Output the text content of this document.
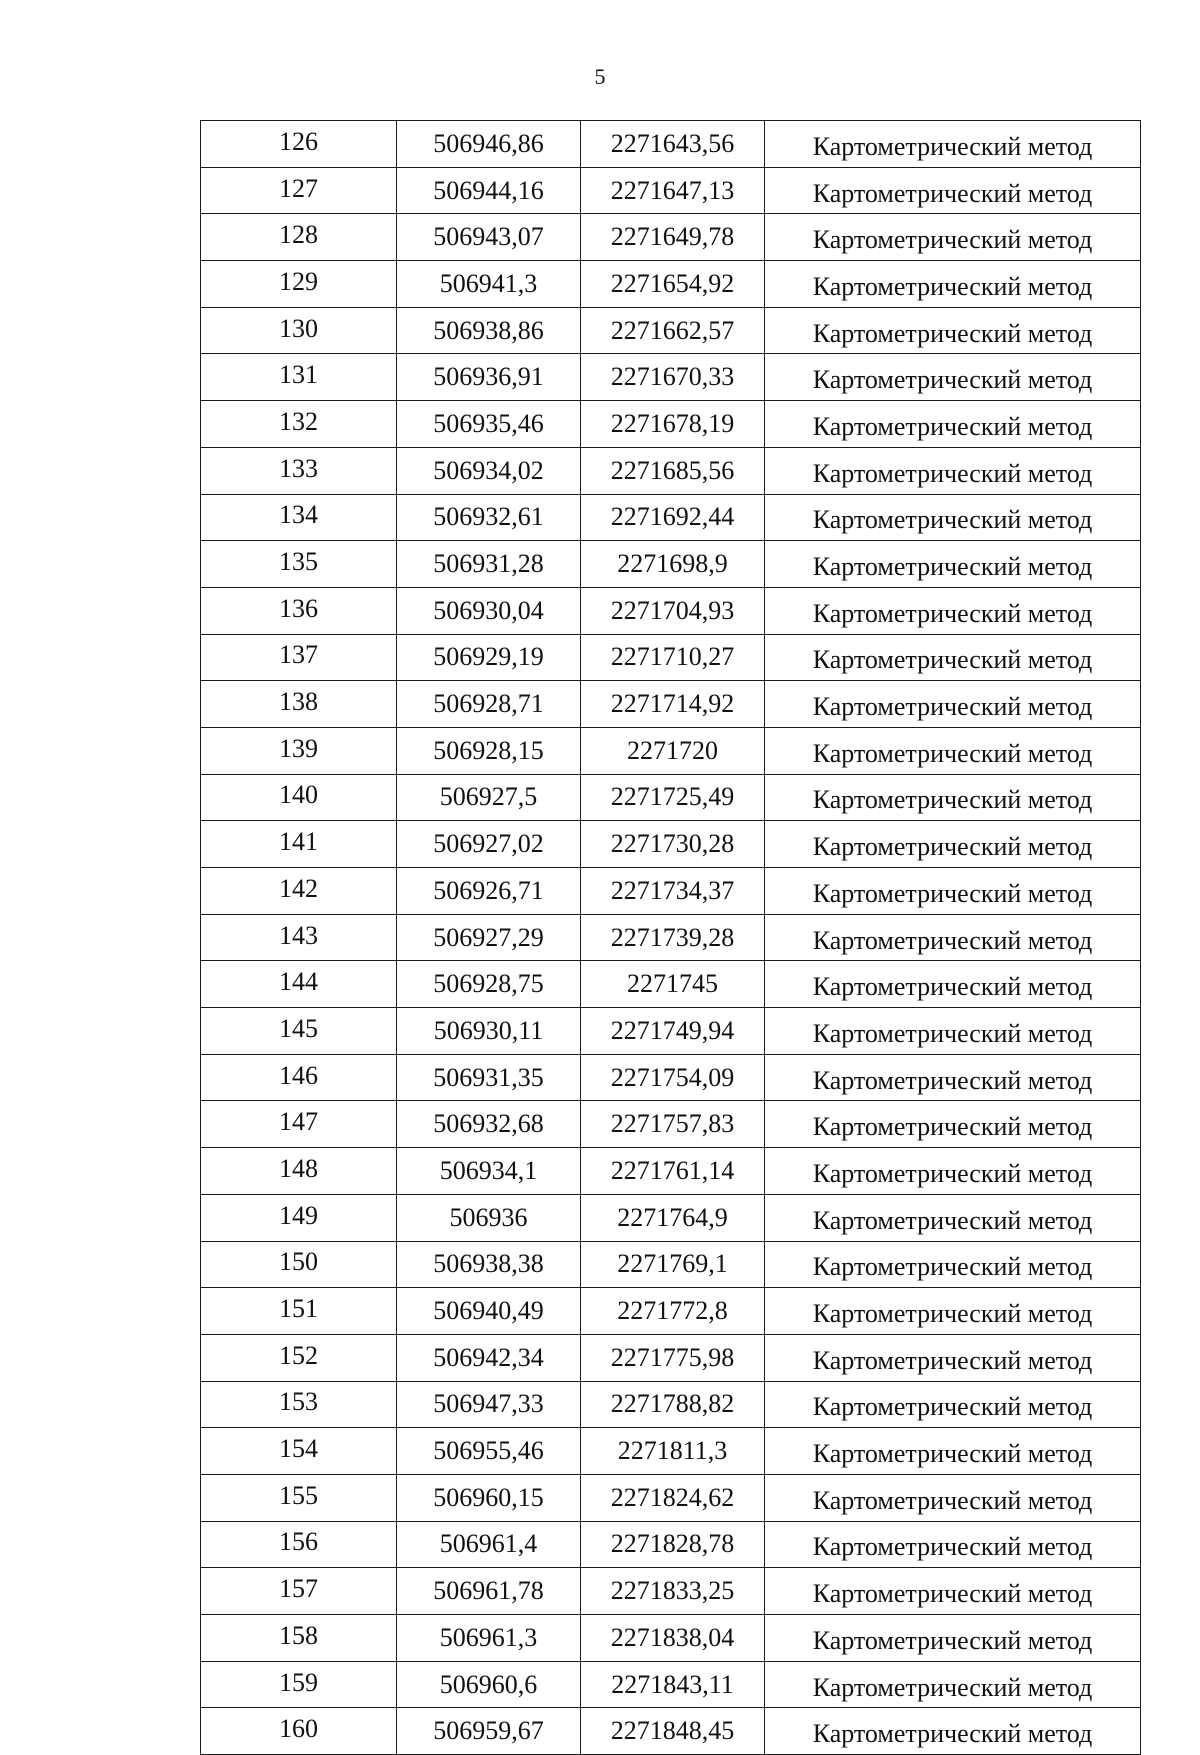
5
126	506946,86	2271643,56	Картометрический метод
127	506944,16	2271647,13	Картометрический метод
128	506943,07	2271649,78	Картометрический метод
129	506941,3	2271654,92	Картометрический метод
130	506938,86	2271662,57	Картометрический метод
131	506936,91	2271670,33	Картометрический метод
132	506935,46	2271678,19	Картометрический метод
133	506934,02	2271685,56	Картометрический метод
134	506932,61	2271692,44	Картометрический метод
135	506931,28	2271698,9	Картометрический метод
136	506930,04	2271704,93	Картометрический метод
137	506929,19	2271710,27	Картометрический метод
138	506928,71	2271714,92	Картометрический метод
139	506928,15	2271720	Картометрический метод
140	506927,5	2271725,49	Картометрический метод
141	506927,02	2271730,28	Картометрический метод
142	506926,71	2271734,37	Картометрический метод
143	506927,29	2271739,28	Картометрический метод
144	506928,75	2271745	Картометрический метод
145	506930,11	2271749,94	Картометрический метод
146	506931,35	2271754,09	Картометрический метод
147	506932,68	2271757,83	Картометрический метод
148	506934,1	2271761,14	Картометрический метод
149	506936	2271764,9	Картометрический метод
150	506938,38	2271769,1	Картометрический метод
151	506940,49	2271772,8	Картометрический метод
152	506942,34	2271775,98	Картометрический метод
153	506947,33	2271788,82	Картометрический метод
154	506955,46	2271811,3	Картометрический метод
155	506960,15	2271824,62	Картометрический метод
156	506961,4	2271828,78	Картометрический метод
157	506961,78	2271833,25	Картометрический метод
158	506961,3	2271838,04	Картометрический метод
159	506960,6	2271843,11	Картометрический метод
160	506959,67	2271848,45	Картометрический метод
